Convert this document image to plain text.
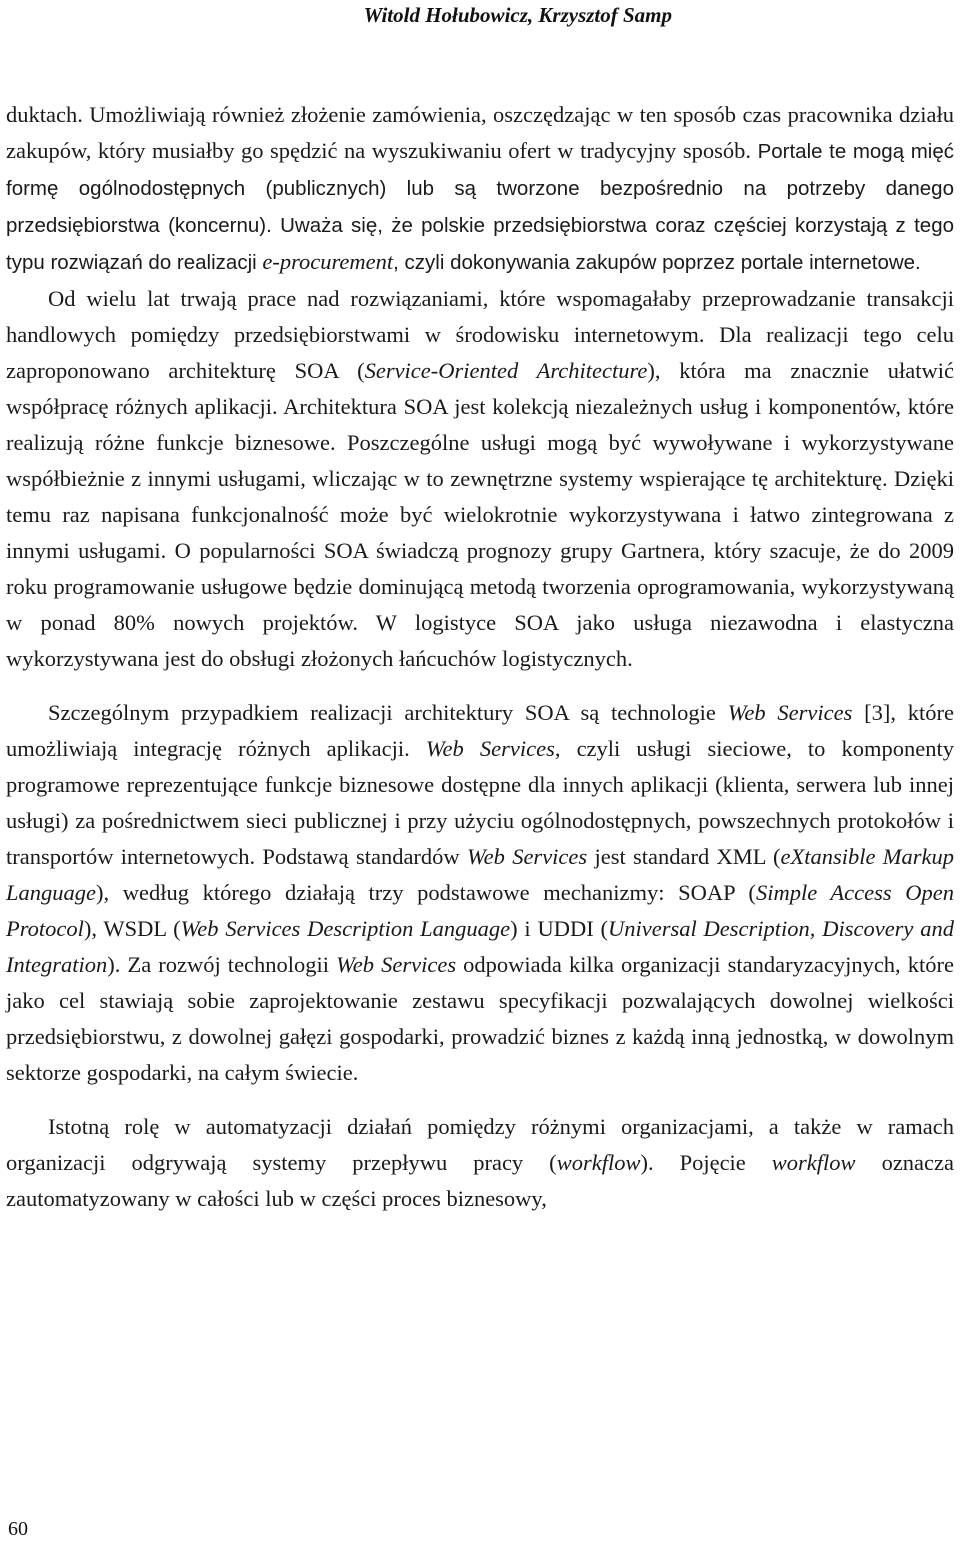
Witold Hołubowicz, Krzysztof Samp

duktach. Umożliwiają również złożenie zamówienia, oszczędzając w ten sposób czas pracownika działu zakupów, który musiałby go spędzić na wyszukiwaniu ofert w tradycyjny sposób. Portale te mogą mięć formę ogólnodostępnych (publicznych) lub są tworzone bezpośrednio na potrzeby danego przedsiębiorstwa (koncernu). Uważa się, że polskie przedsiębiorstwa coraz częściej korzystają z tego typu rozwiązań do realizacji e-procurement, czyli dokonywania zakupów poprzez portale internetowe.

Od wielu lat trwają prace nad rozwiązaniami, które wspomagałaby przeprowadzanie transakcji handlowych pomiędzy przedsiębiorstwami w środowisku internetowym. Dla realizacji tego celu zaproponowano architekturę SOA (Service-Oriented Architecture), która ma znacznie ułatwić współpracę różnych aplikacji. Architektura SOA jest kolekcją niezależnych usług i komponentów, które realizują różne funkcje biznesowe. Poszczególne usługi mogą być wywoływane i wykorzystywane współbieżnie z innymi usługami, wliczając w to zewnętrzne systemy wspierające tę architekturę. Dzięki temu raz napisana funkcjonalność może być wielokrotnie wykorzystywana i łatwo zintegrowana z innymi usługami. O popularności SOA świadczą prognozy grupy Gartnera, który szacuje, że do 2009 roku programowanie usługowe będzie dominującą metodą tworzenia oprogramowania, wykorzystywaną w ponad 80% nowych projektów. W logistyce SOA jako usługa niezawodna i elastyczna wykorzystywana jest do obsługi złożonych łańcuchów logistycznych.

Szczególnym przypadkiem realizacji architektury SOA są technologie Web Services [3], które umożliwiają integrację różnych aplikacji. Web Services, czyli usługi sieciowe, to komponenty programowe reprezentujące funkcje biznesowe dostępne dla innych aplikacji (klienta, serwera lub innej usługi) za pośrednictwem sieci publicznej i przy użyciu ogólnodostępnych, powszechnych protokołów i transportów internetowych. Podstawą standardów Web Services jest standard XML (eXtansible Markup Language), według którego działają trzy podstawowe mechanizmy: SOAP (Simple Access Open Protocol), WSDL (Web Services Description Language) i UDDI (Universal Description, Discovery and Integration). Za rozwój technologii Web Services odpowiada kilka organizacji standaryzacyjnych, które jako cel stawiają sobie zaprojektowanie zestawu specyfikacji pozwalających dowolnej wielkości przedsiębiorstwu, z dowolnej gałęzi gospodarki, prowadzić biznes z każdą inną jednostką, w dowolnym sektorze gospodarki, na całym świecie.

Istotną rolę w automatyzacji działań pomiędzy różnymi organizacjami, a także w ramach organizacji odgrywają systemy przepływu pracy (workflow). Pojęcie workflow oznacza zautomatyzowany w całości lub w części proces biznesowy,

60
